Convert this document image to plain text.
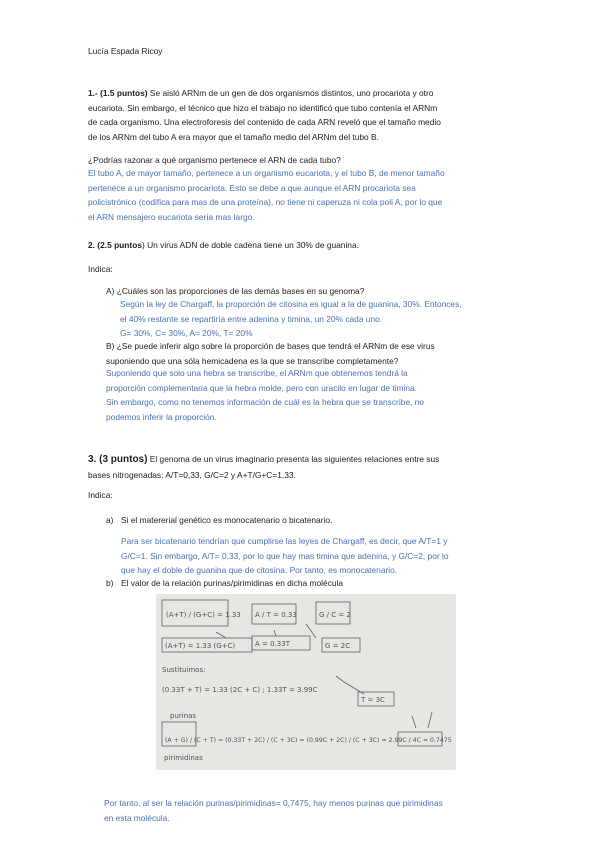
Lucía Espada Ricoy

1.- (1.5 puntos) Se aisló ARNm de un gen de dos organismos distintos, uno procariota y otro
eucariota. Sin embargo, el técnico que hizo el trabajo no identificó que tubo contenía el ARNm
de cada organismo. Una electroforesis del contenido de cada ARN reveló que el tamaño medio
de los ARNm del tubo A era mayor que el tamaño medio del ARNm del tubo B.
¿Podrías razonar a qué organismo pertenece el ARN de cada tubo?
El tubo A, de mayor tamaño, pertenece a un organismo eucariota, y el tubo B, de menor tamaño
pertenece a un organismo procariota. Esto se debe a que aunque el ARN procariota sea
policistrónico (codifica para mas de una proteína), no tiene ni caperuza ni cola poli A, por lo que
el ARN mensajero eucariota sería mas largo.
2. (2.5 puntos) Un virus ADN de doble cadena tiene un 30% de guanina.
Indica:
A) ¿Cuáles son las proporciones de las demás bases en su genoma?
Según la ley de Chargaff, la proporción de citosina es igual a la de guanina, 30%. Entonces,
el 40% restante se repartiría entre adenina y timina, un 20% cada uno.
G= 30%, C= 30%, A= 20%, T= 20%
B) ¿Se puede inferir algo sobre la proporción de bases que tendrá el ARNm de ese virus
suponiendo que una sóla hemicadena es la que se transcribe completamente?
Suponiendo que solo una hebra se transcribe, el ARNm que obtenemos tendrá la
proporción complementaria que la hebra molde, pero con uracilo en lugar de timina.
Sin embargo, como no tenemos información de cuál es la hebra que se transcribe, no
podemos inferir la proporción.
3. (3 puntos) El genoma de un virus imaginario presenta las siguientes relaciones entre sus
bases nitrogenadas: A/T=0,33, G/C=2 y A+T/G+C=1,33.
Indica:
a) Si el matererial genético es monocatenario o bicatenario.
Para ser bicatenario tendrían que cumplirse las leyes de Chargaff, es decir, que A/T=1 y
G/C=1. Sin embargo, A/T= 0,33, por lo que hay mas timina que adenina, y G/C=2, por lo
que hay el doble de guanina que de citosina. Por tanto, es monocatenario.
b) El valor de la relación purinas/pirimidinas en dicha molécula
(A+T) / (G+C) = 1.33 A / T = 0.33	G / C = 2
(A+T) = 1.33 (G+C)	A = 0.33T	G = 2C
Sustituimos:
(0.33T + T) = 1.33 (2C + C) ; 1.33T = 3.99C
T = 3C
purinas
(A + G) / (C + T) = (0.33T + 2C) / (C + 3C) = (0.99C + 2C) / (C + 3C) = 2.99C / 4C = 0.7475
pirimidinas
Por tanto, al ser la relación purinas/pirimidinas= 0,7475, hay menos purinas que pirimidinas
en esta molécula.
